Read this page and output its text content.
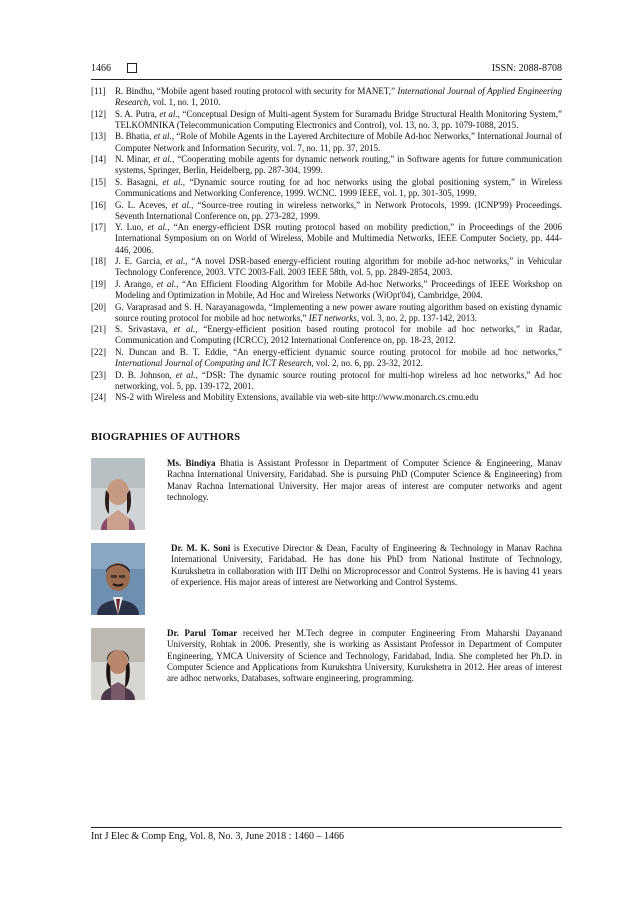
1466	ISSN: 2088-8708
[11]	R. Bindhu, “Mobile agent based routing protocol with security for MANET,” International Journal of Applied Engineering Research, vol. 1, no. 1, 2010.
[12]	S. A. Putra, et al., “Conceptual Design of Multi-agent System for Suramadu Bridge Structural Health Monitoring System,” TELKOMNIKA (Telecommunication Computing Electronics and Control), vol. 13, no. 3, pp. 1079-1088, 2015.
[13]	B. Bhatia, et al., “Role of Mobile Agents in the Layered Architecture of Mobile Ad-hoc Networks,” International Journal of Computer Network and Information Security, vol. 7, no. 11, pp. 37, 2015.
[14]	N. Minar, et al., “Cooperating mobile agents for dynamic network routing,” in Software agents for future communication systems, Springer, Berlin, Heidelberg, pp. 287-304, 1999.
[15]	S. Basagni, et al., “Dynamic source routing for ad hoc networks using the global positioning system,” in Wireless Communications and Networking Conference, 1999. WCNC. 1999 IEEE, vol. 1, pp. 301-305, 1999.
[16]	G. L. Aceves, et al., “Source-tree routing in wireless networks,” in Network Protocols, 1999. (ICNP'99) Proceedings. Seventh International Conference on, pp. 273-282, 1999.
[17]	Y. Luo, et al., “An energy-efficient DSR routing protocol based on mobility prediction,” in Proceedings of the 2006 International Symposium on on World of Wireless, Mobile and Multimedia Networks, IEEE Computer Society, pp. 444-446, 2006.
[18]	J. E. Garcia, et al., “A novel DSR-based energy-efficient routing algorithm for mobile ad-hoc networks,” in Vehicular Technology Conference, 2003. VTC 2003-Fall. 2003 IEEE 58th, vol. 5, pp. 2849-2854, 2003.
[19]	J. Arango, et al., “An Efficient Flooding Algorithm for Mobile Ad-hoc Networks,” Proceedings of IEEE Workshop on Modeling and Optimization in Mobile, Ad Hoc and Wireless Networks (WiOpt'04), Cambridge, 2004.
[20]	G. Varaprasad and S. H. Narayanagowda, “Implementing a new power aware routing algorithm based on existing dynamic source routing protocol for mobile ad hoc networks,” IET networks, vol. 3, no. 2, pp. 137-142, 2013.
[21]	S. Srivastava, et al., “Energy-efficient position based routing protocol for mobile ad hoc networks,” in Radar, Communication and Computing (ICRCC), 2012 International Conference on, pp. 18-23, 2012.
[22]	N. Duncan and B. T. Eddie, “An energy-efficient dynamic source routing protocol for mobile ad hoc networks,” International Journal of Computing and ICT Research, vol. 2, no. 6, pp. 23-32, 2012.
[23]	D. B. Johnson, et al., “DSR: The dynamic source routing protocol for multi-hop wireless ad hoc networks,” Ad hoc networking, vol. 5, pp. 139-172, 2001.
[24]	NS-2 with Wireless and Mobility Extensions, available via web-site http://www.monarch.cs.cmu.edu
BIOGRAPHIES OF AUTHORS
Ms. Bindiya Bhatia is Assistant Professor in Department of Computer Science & Engineering, Manav Rachna International University, Faridabad. She is pursuing PhD (Computer Science & Engineering) from Manav Rachna International University. Her major areas of interest are computer networks and agent technology.
Dr. M. K. Soni is Executive Director & Dean, Faculty of Engineering & Technology in Manav Rachna International University, Faridabad. He has done his PhD from National Institute of Technology, Kurukshetra in collaboration with IIT Delhi on Microprocessor and Control Systems. He is having 41 years of experience. His major areas of interest are Networking and Control Systems.
Dr. Parul Tomar received her M.Tech degree in computer Engineering From Maharshi Dayanand University, Rohtak in 2006. Presently, she is working as Assistant Professor in Department of Computer Engineering, YMCA University of Science and Technology, Faridabad, India. She completed her Ph.D. in Computer Science and Applications from Kurukshtra University, Kurukshetra in 2012. Her areas of interest are adhoc networks, Databases, software engineering, programming.
Int J Elec & Comp Eng, Vol. 8, No. 3, June 2018 : 1460 – 1466
